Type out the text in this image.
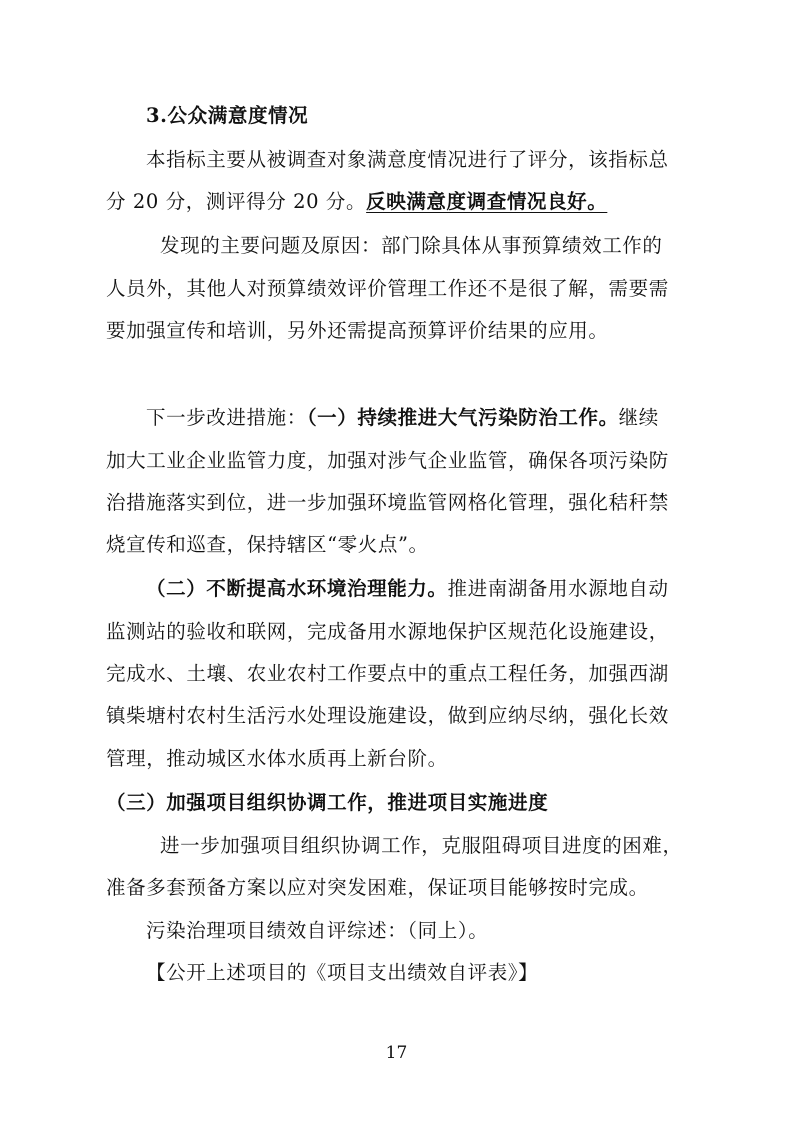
3.公众满意度情况
本指标主要从被调查对象满意度情况进行了评分，该指标总
分 20 分，测评得分 20 分。反映满意度调查情况良好。
发现的主要问题及原因：部门除具体从事预算绩效工作的
人员外，其他人对预算绩效评价管理工作还不是很了解，需要需
要加强宣传和培训，另外还需提高预算评价结果的应用。
下一步改进措施：（一）持续推进大气污染防治工作。继续
加大工业企业监管力度，加强对涉气企业监管，确保各项污染防
治措施落实到位，进一步加强环境监管网格化管理，强化秸秆禁
烧宣传和巡查，保持辖区“零火点”。
（二）不断提高水环境治理能力。推进南湖备用水源地自动
监测站的验收和联网，完成备用水源地保护区规范化设施建设，
完成水、土壤、农业农村工作要点中的重点工程任务，加强西湖
镇柴塘村农村生活污水处理设施建设，做到应纳尽纳，强化长效
管理，推动城区水体水质再上新台阶。
（三）加强项目组织协调工作，推进项目实施进度
进一步加强项目组织协调工作，克服阻碍项目进度的困难，
准备多套预备方案以应对突发困难，保证项目能够按时完成。
污染治理项目绩效自评综述：（同上）。
【公开上述项目的《项目支出绩效自评表》】
17
